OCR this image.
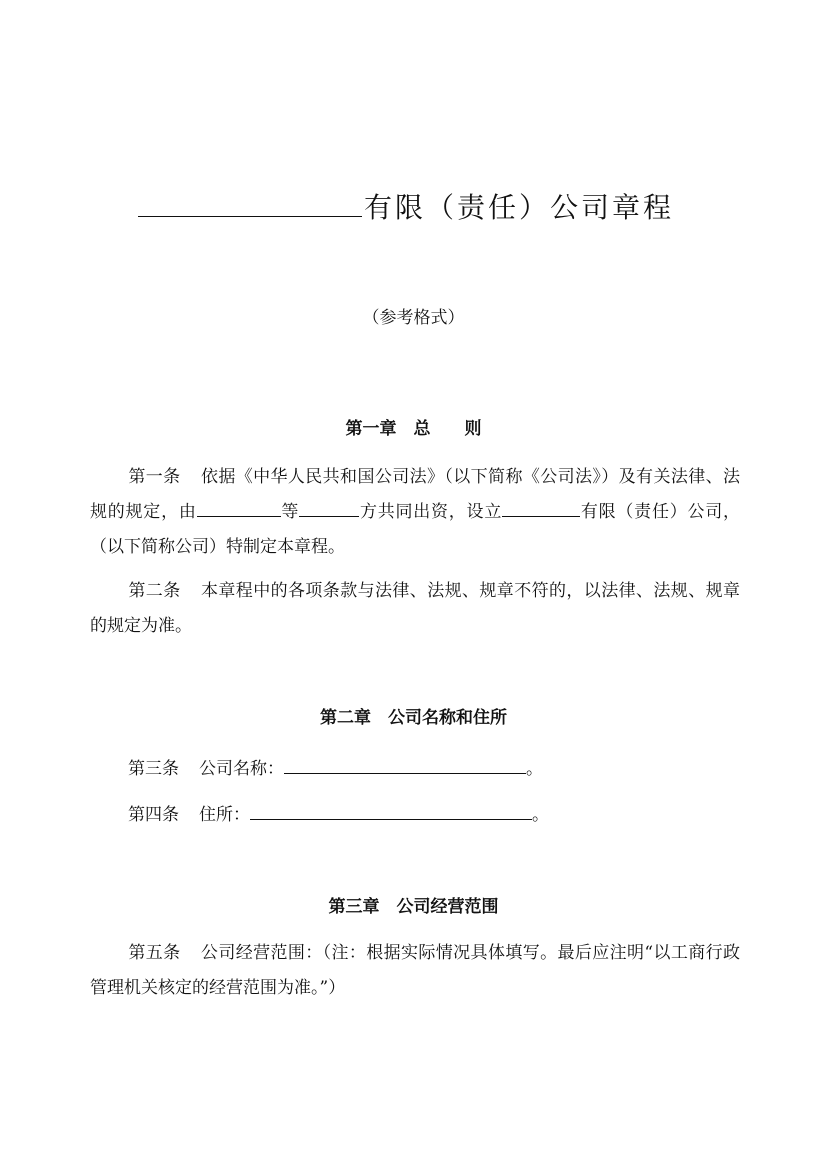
有限（责任）公司章程
（参考格式）
第一章　总　　则
第一条 依据《中华人民共和国公司法》（以下简称《公司法》）及有关法律、法规的规定，由	等	方共同出资，设立	有限（责任）公司，（以下简称公司）特制定本章程。
第二条 本章程中的各项条款与法律、法规、规章不符的，以法律、法规、规章的规定为准。
第二章　公司名称和住所
第三条 公司名称：	。
第四条 住所：	。
第三章　公司经营范围
第五条 公司经营范围：（注：根据实际情况具体填写。最后应注明“以工商行政管理机关核定的经营范围为准。”）
